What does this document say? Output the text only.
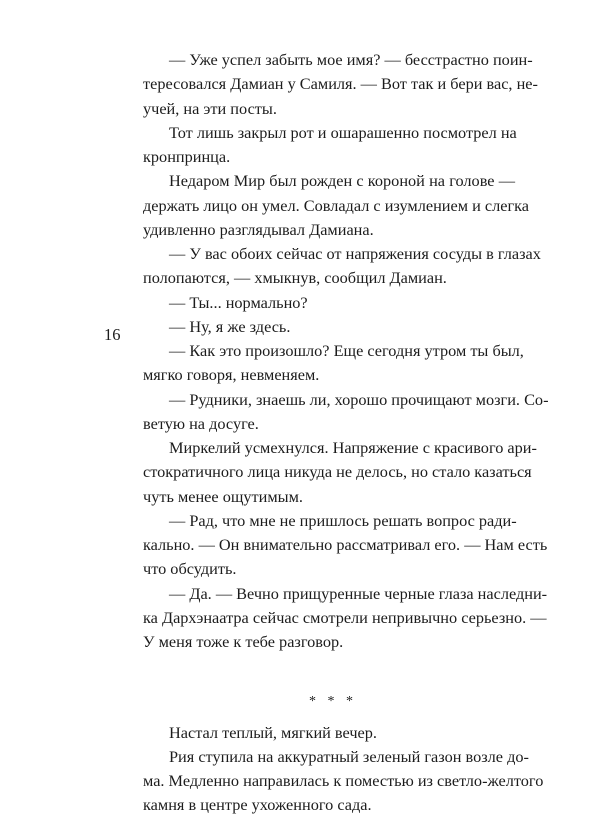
16
— Уже успел забыть мое имя? — бесстрастно поин-
тересовался Дамиан у Самиля. — Вот так и бери вас, не-
учей, на эти посты.
Тот лишь закрыл рот и ошарашенно посмотрел на
кронпринца.
Недаром Мир был рожден с короной на голове —
держать лицо он умел. Совладал с изумлением и слегка
удивленно разглядывал Дамиана.
— У вас обоих сейчас от напряжения сосуды в глазах
полопаются, — хмыкнув, сообщил Дамиан.
— Ты... нормально?
— Ну, я же здесь.
— Как это произошло? Еще сегодня утром ты был,
мягко говоря, невменяем.
— Рудники, знаешь ли, хорошо прочищают мозги. Со-
ветую на досуге.
Миркелий усмехнулся. Напряжение с красивого ари-
стократичного лица никуда не делось, но стало казаться
чуть менее ощутимым.
— Рад, что мне не пришлось решать вопрос ради-
кально. — Он внимательно рассматривал его. — Нам есть
что обсудить.
— Да. — Вечно прищуренные черные глаза наследни-
ка Дархэнаатра сейчас смотрели непривычно серьезно. —
У меня тоже к тебе разговор.
* * *
Настал теплый, мягкий вечер.
Рия ступила на аккуратный зеленый газон возле до-
ма. Медленно направилась к поместью из светло-желтого
камня в центре ухоженного сада.
